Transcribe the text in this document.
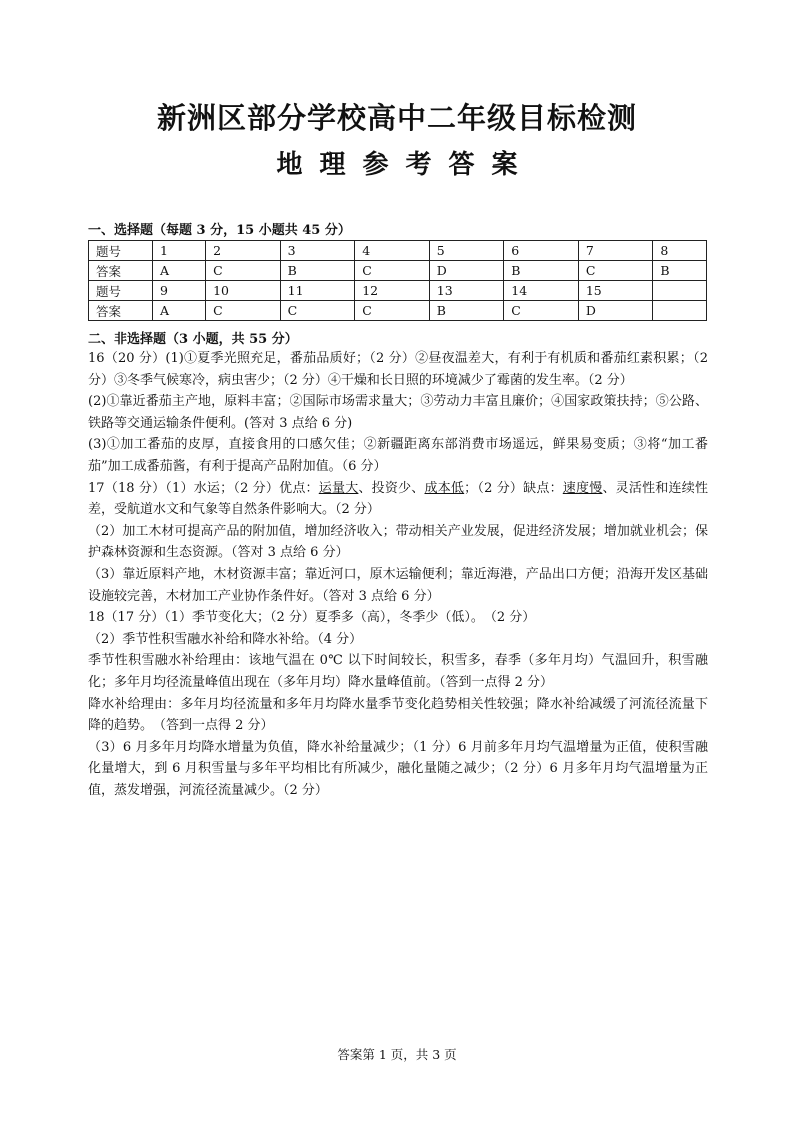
新洲区部分学校高中二年级目标检测
地理参考答案
一、选择题（每题 3 分，15 小题共 45 分）
题号	1	2	3	4	5	6	7	8
答案	A	C	B	C	D	B	C	B
题号	9	10	11	12	13	14	15	
答案	A	C	C	C	B	C	D	
二、非选择题（3 小题，共 55 分）

16（20 分）(1)①夏季光照充足，番茄品质好；（2 分）②昼夜温差大，有利于有机质和番茄红素积累；（2 分）③冬季气候寒冷，病虫害少；（2 分）④干燥和长日照的环境减少了霉菌的发生率。（2 分）

(2)①靠近番茄主产地，原料丰富；②国际市场需求量大；③劳动力丰富且廉价；④国家政策扶持；⑤公路、铁路等交通运输条件便利。(答对 3 点给 6 分)

(3)①加工番茄的皮厚，直接食用的口感欠佳；②新疆距离东部消费市场遥远，鲜果易变质；③将“加工番茄”加工成番茄酱，有利于提高产品附加值。（6 分）

17（18 分）（1）水运；（2 分）优点：运量大、投资少、成本低；（2 分）缺点：速度慢、灵活性和连续性差，受航道水文和气象等自然条件影响大。（2 分）

（2）加工木材可提高产品的附加值，增加经济收入；带动相关产业发展，促进经济发展；增加就业机会；保护森林资源和生态资源。（答对 3 点给 6 分）

（3）靠近原料产地，木材资源丰富；靠近河口，原木运输便利；靠近海港，产品出口方便；沿海开发区基础设施较完善，木材加工产业协作条件好。（答对 3 点给 6 分）

18（17 分）（1）季节变化大；（2 分）夏季多（高），冬季少（低）。　（2 分）

（2）季节性积雪融水补给和降水补给。（4 分）

季节性积雪融水补给理由：该地气温在 0℃ 以下时间较长，积雪多，春季（多年月均）气温回升，积雪融化；多年月均径流量峰值出现在（多年月均）降水量峰值前。（答到一点得 2 分）

降水补给理由：多年月均径流量和多年月均降水量季节变化趋势相关性较强；降水补给减缓了河流径流量下降的趋势。　（答到一点得 2 分）

（3）6 月多年月均降水增量为负值，降水补给量减少；（1 分）6 月前多年月均气温增量为正值，使积雪融化量增大，到 6 月积雪量与多年平均相比有所减少，融化量随之减少；（2 分）6 月多年月均气温增量为正值，蒸发增强，河流径流量减少。（2 分）

答案第 1 页，共 3 页
